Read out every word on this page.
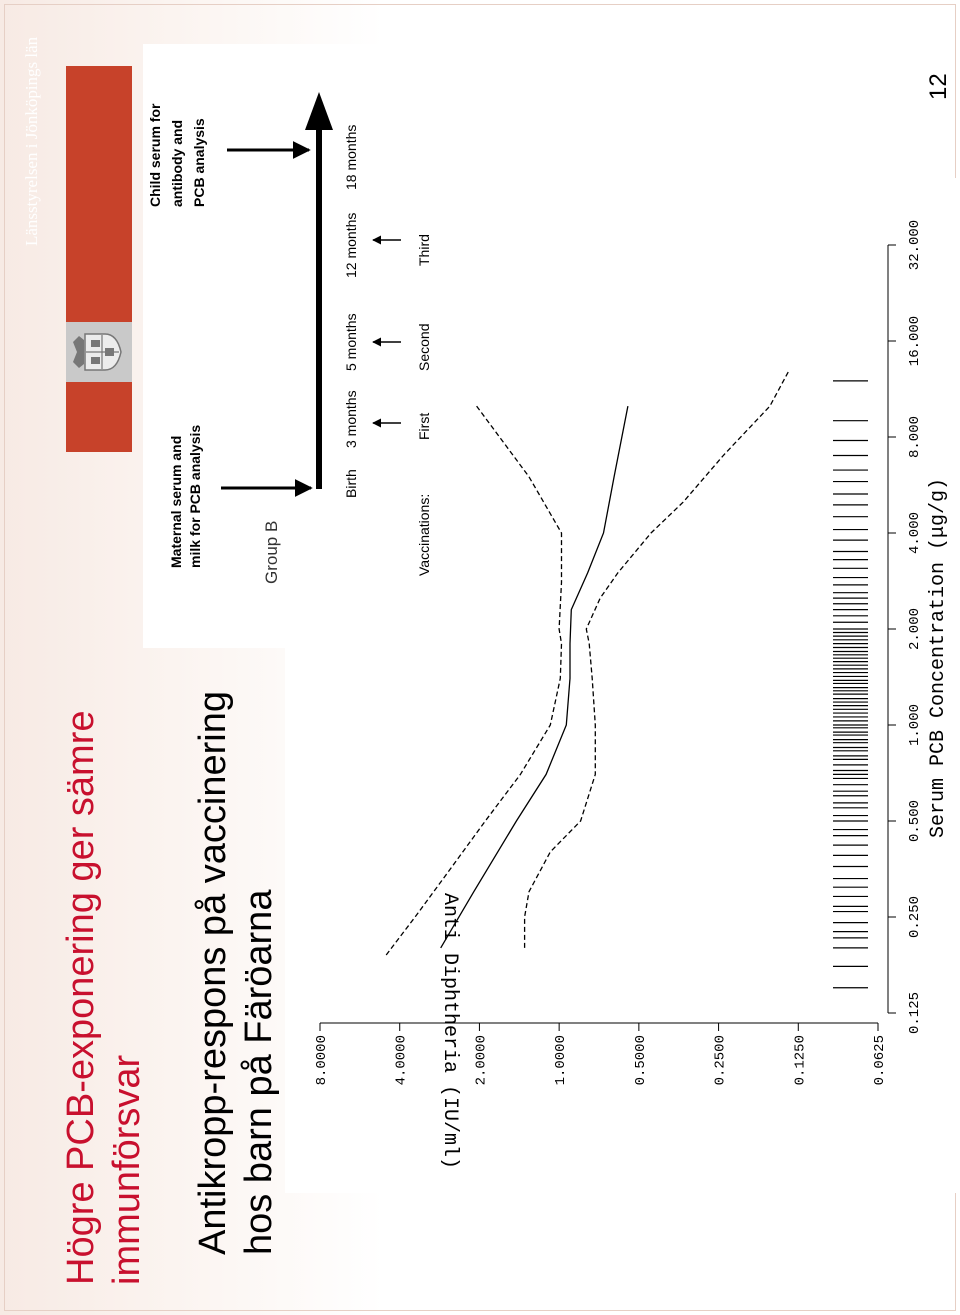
Högre PCB-exponering ger sämre immunförsvar
Länsstyrelsen i Jönköpings län
Maternal serum and milk for PCB analysis	Group B
Child serum for antibody and PCB analysis
Birth
3 months
5 months
12 months
18 months
Vaccinations:
First
Second
Third
0.0625
0.1250
0.2500
0.5000
1.0000
2.0000
4.0000
8.0000
0.125
0.250
0.500
1.000
2.000
4.000
8.000
16.000
32.000
Anti Diphtheria (IU/ml)
Serum PCB Concentration (μg/g)
Antikropp-respons på vaccinering hos barn på Färöarna
12
